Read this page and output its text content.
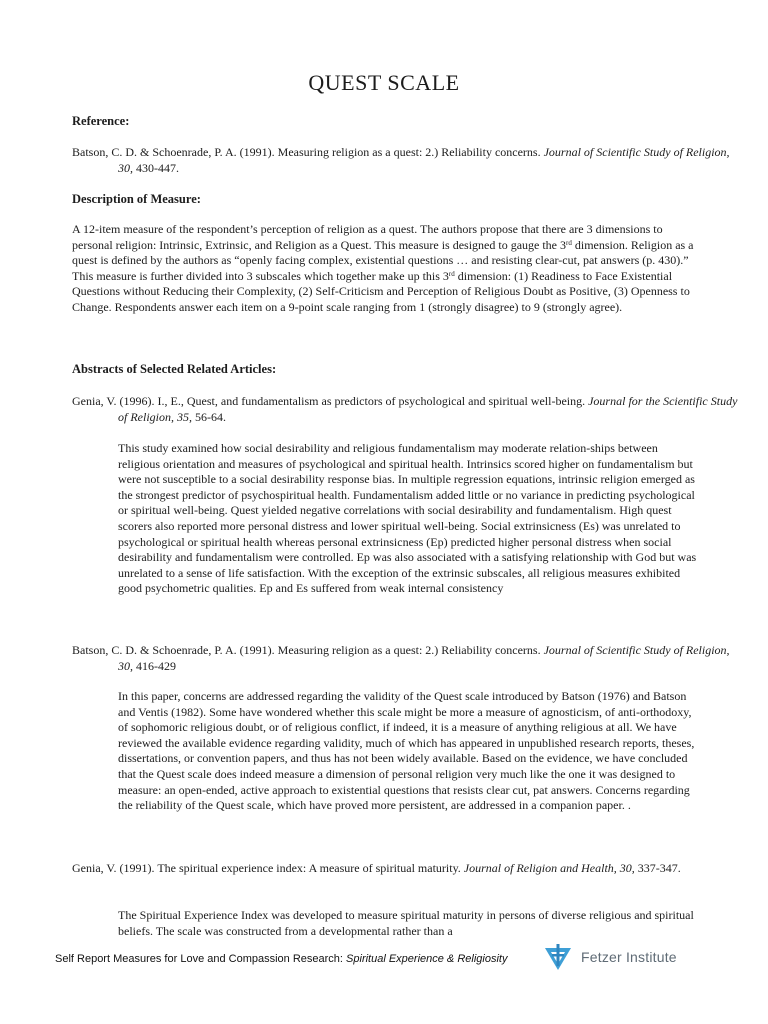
QUEST SCALE
Reference:
Batson, C. D. & Schoenrade, P. A. (1991). Measuring religion as a quest: 2.) Reliability concerns. Journal of Scientific Study of Religion, 30, 430-447.
Description of Measure:
A 12-item measure of the respondent’s perception of religion as a quest. The authors propose that there are 3 dimensions to personal religion: Intrinsic, Extrinsic, and Religion as a Quest. This measure is designed to gauge the 3rd dimension. Religion as a quest is defined by the authors as “openly facing complex, existential questions … and resisting clear-cut, pat answers (p. 430).” This measure is further divided into 3 subscales which together make up this 3rd dimension: (1) Readiness to Face Existential Questions without Reducing their Complexity, (2) Self-Criticism and Perception of Religious Doubt as Positive, (3) Openness to Change. Respondents answer each item on a 9-point scale ranging from 1 (strongly disagree) to 9 (strongly agree).
Abstracts of Selected Related Articles:
Genia, V. (1996). I., E., Quest, and fundamentalism as predictors of psychological and spiritual well-being. Journal for the Scientific Study of Religion, 35, 56-64.
This study examined how social desirability and religious fundamentalism may moderate relation-ships between religious orientation and measures of psychological and spiritual health. Intrinsics scored higher on fundamentalism but were not susceptible to a social desirability response bias. In multiple regression equations, intrinsic religion emerged as the strongest predictor of psychospiritual health. Fundamentalism added little or no variance in predicting psychological or spiritual well-being. Quest yielded negative correlations with social desirability and fundamentalism. High quest scorers also reported more personal distress and lower spiritual well-being. Social extrinsicness (Es) was unrelated to psychological or spiritual health whereas personal extrinsicness (Ep) predicted higher personal distress when social desirability and fundamentalism were controlled. Ep was also associated with a satisfying relationship with God but was unrelated to a sense of life satisfaction. With the exception of the extrinsic subscales, all religious measures exhibited good psychometric qualities. Ep and Es suffered from weak internal consistency
Batson, C. D. & Schoenrade, P. A. (1991). Measuring religion as a quest: 2.) Reliability concerns. Journal of Scientific Study of Religion, 30, 416-429
In this paper, concerns are addressed regarding the validity of the Quest scale introduced by Batson (1976) and Batson and Ventis (1982). Some have wondered whether this scale might be more a measure of agnosticism, of anti-orthodoxy, of sophomoric religious doubt, or of religious conflict, if indeed, it is a measure of anything religious at all. We have reviewed the available evidence regarding validity, much of which has appeared in unpublished research reports, theses, dissertations, or convention papers, and thus has not been widely available. Based on the evidence, we have concluded that the Quest scale does indeed measure a dimension of personal religion very much like the one it was designed to measure: an open-ended, active approach to existential questions that resists clear cut, pat answers. Concerns regarding the reliability of the Quest scale, which have proved more persistent, are addressed in a companion paper. .
Genia, V. (1991). The spiritual experience index: A measure of spiritual maturity. Journal of Religion and Health, 30, 337-347.
The Spiritual Experience Index was developed to measure spiritual maturity in persons of diverse religious and spiritual beliefs. The scale was constructed from a developmental rather than a
Self Report Measures for Love and Compassion Research: Spiritual Experience & Religiosity	Fetzer Institute
